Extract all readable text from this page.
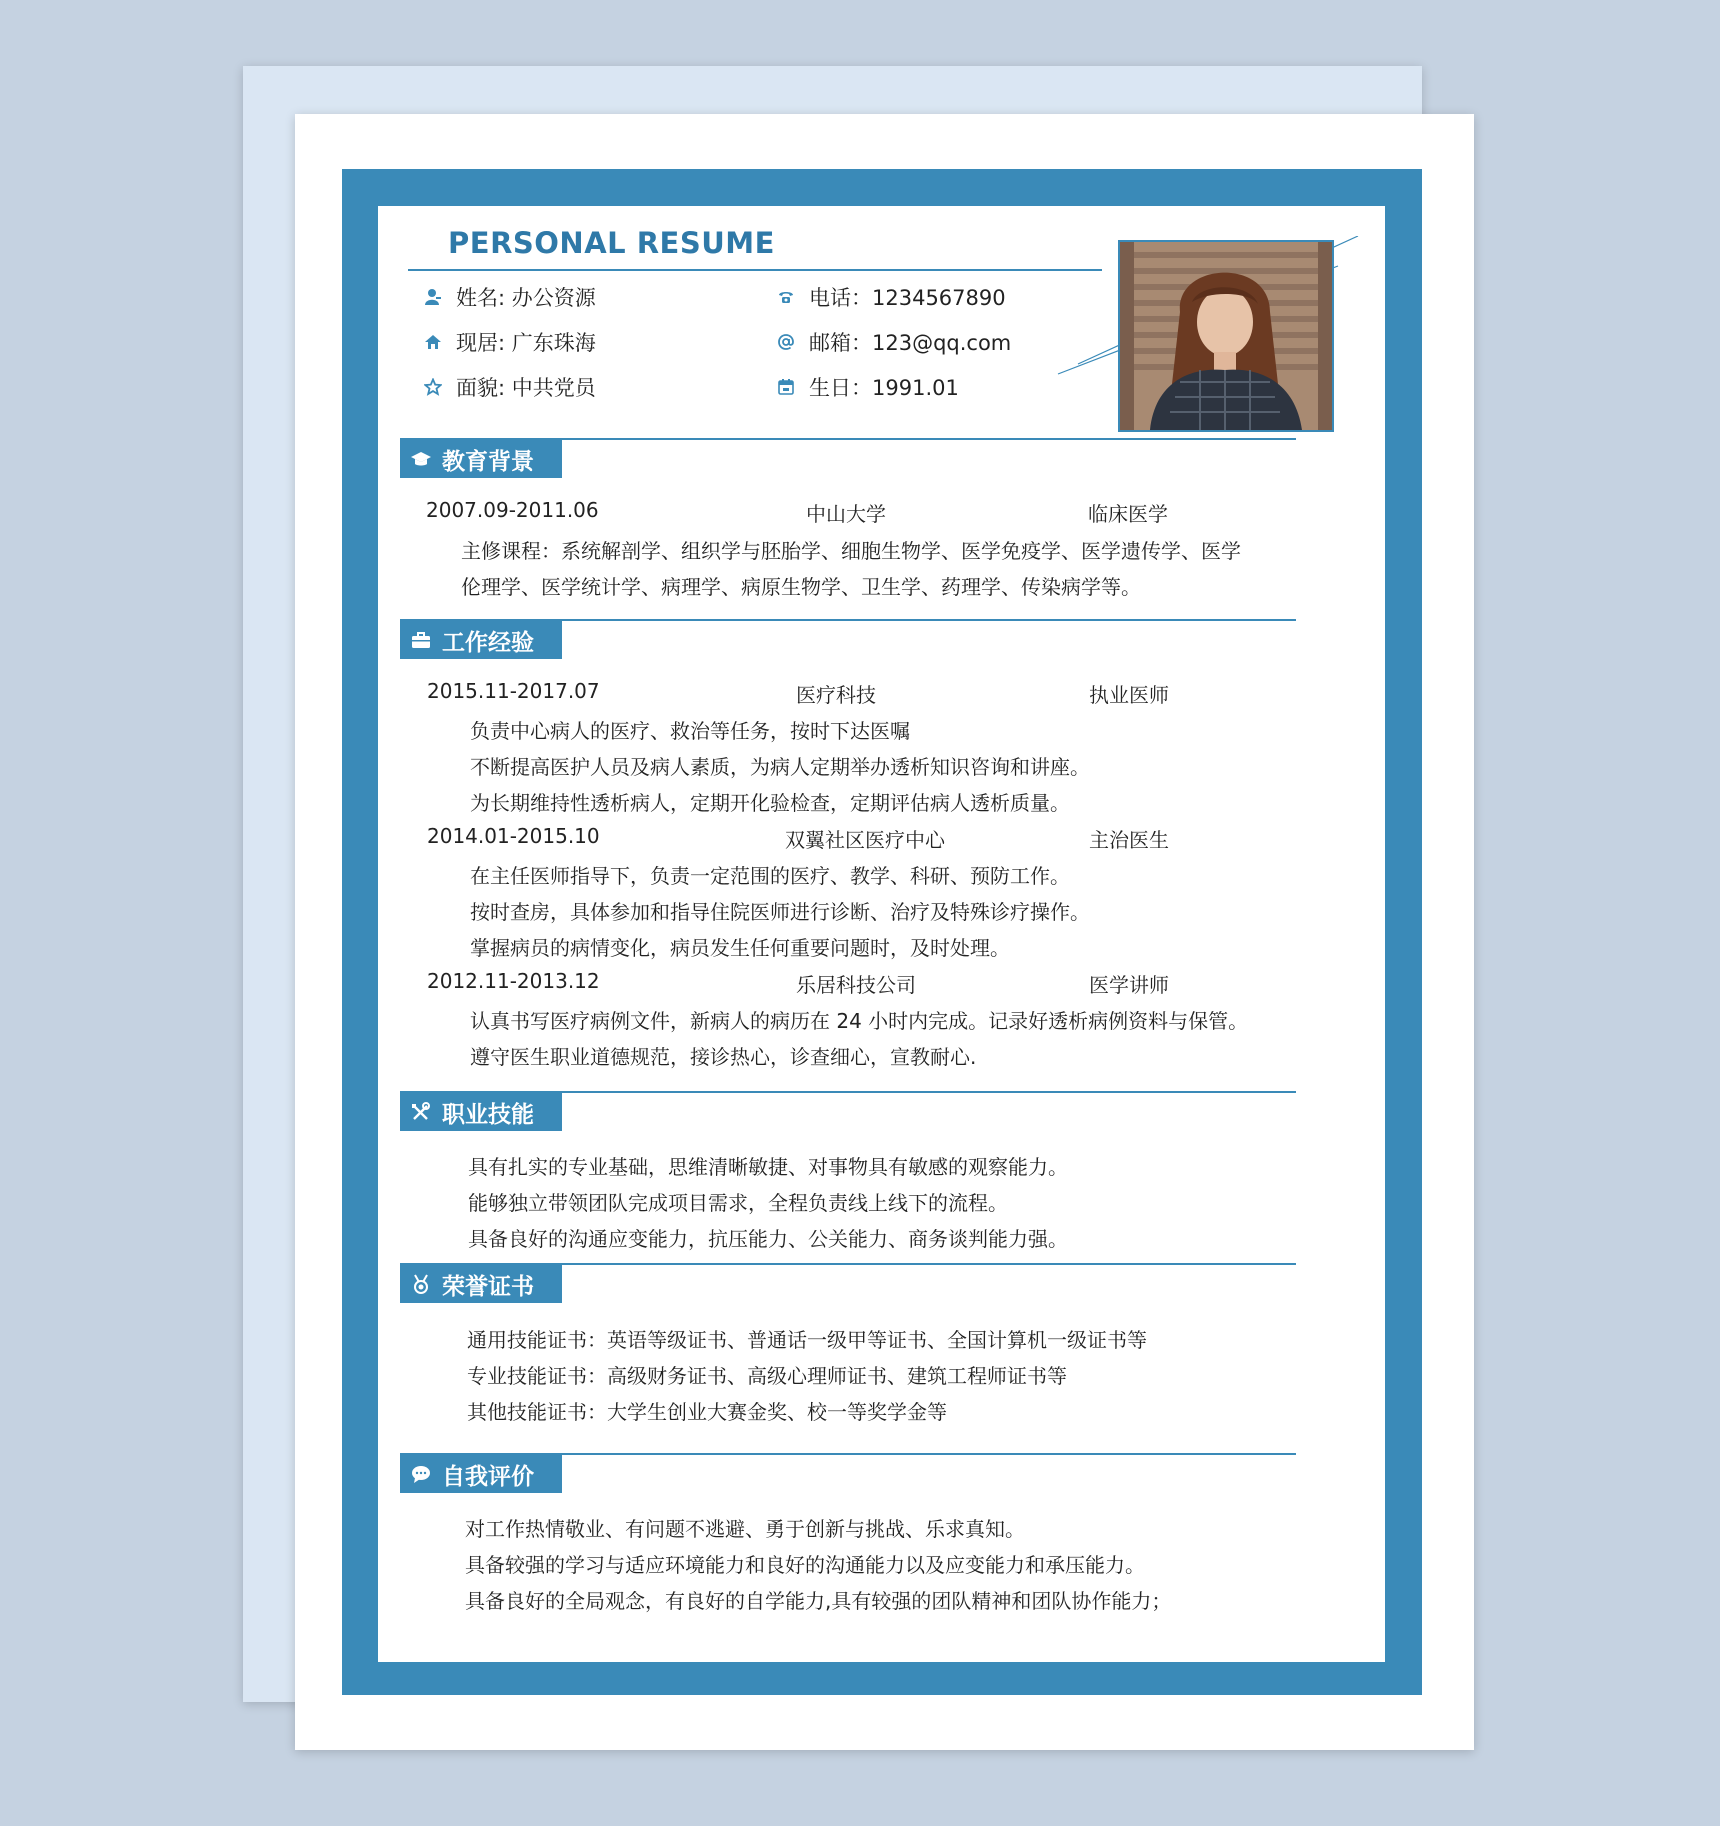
PERSONAL RESUME
姓名: 办公资源
现居: 广东珠海
面貌: 中共党员
电话：1234567890
邮箱：123@qq.com
生日：1991.01
教育背景
2007.09-2011.06	中山大学	临床医学
主修课程：系统解剖学、组织学与胚胎学、细胞生物学、医学免疫学、医学遗传学、医学
伦理学、医学统计学、病理学、病原生物学、卫生学、药理学、传染病学等。
工作经验
2015.11-2017.07	医疗科技	执业医师
负责中心病人的医疗、救治等任务，按时下达医嘱
不断提高医护人员及病人素质，为病人定期举办透析知识咨询和讲座。
为长期维持性透析病人，定期开化验检查，定期评估病人透析质量。
2014.01-2015.10	双翼社区医疗中心	主治医生
在主任医师指导下，负责一定范围的医疗、教学、科研、预防工作。
按时查房，具体参加和指导住院医师进行诊断、治疗及特殊诊疗操作。
掌握病员的病情变化，病员发生任何重要问题时，及时处理。
2012.11-2013.12	乐居科技公司	医学讲师
认真书写医疗病例文件，新病人的病历在 24 小时内完成。记录好透析病例资料与保管。
遵守医生职业道德规范，接诊热心，诊查细心，宣教耐心.
职业技能
具有扎实的专业基础，思维清晰敏捷、对事物具有敏感的观察能力。
能够独立带领团队完成项目需求，全程负责线上线下的流程。
具备良好的沟通应变能力，抗压能力、公关能力、商务谈判能力强。
荣誉证书
通用技能证书：英语等级证书、普通话一级甲等证书、全国计算机一级证书等
专业技能证书：高级财务证书、高级心理师证书、建筑工程师证书等
其他技能证书：大学生创业大赛金奖、校一等奖学金等
自我评价
对工作热情敬业、有问题不逃避、勇于创新与挑战、乐求真知。
具备较强的学习与适应环境能力和良好的沟通能力以及应变能力和承压能力。
具备良好的全局观念，有良好的自学能力,具有较强的团队精神和团队协作能力；
